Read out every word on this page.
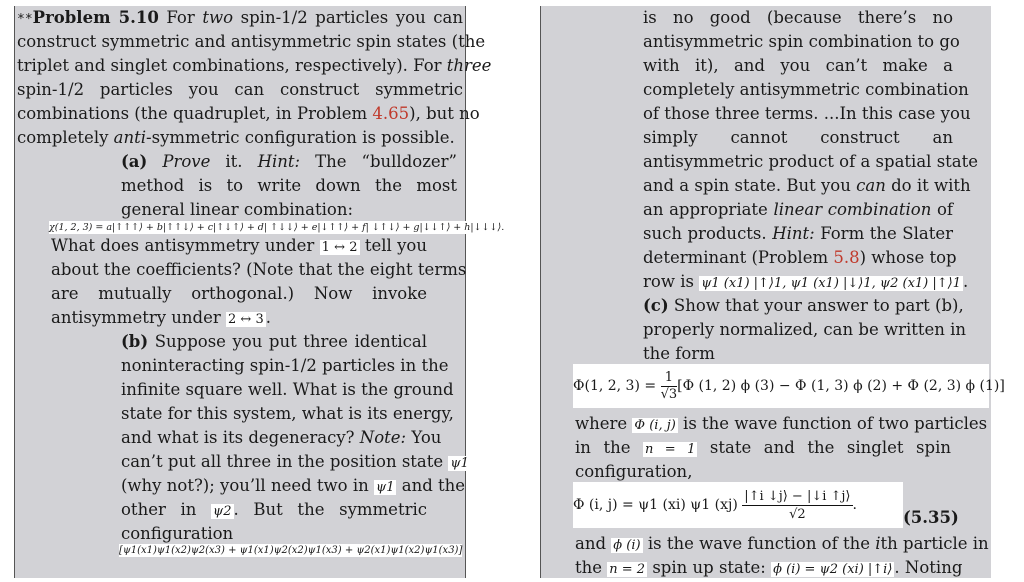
**Problem 5.10 For two spin-1/2 particles you can
construct symmetric and antisymmetric spin states (the
triplet and singlet combinations, respectively). For three
spin-1/2 particles you can construct symmetric
combinations (the quadruplet, in Problem 4.65), but no
completely anti-symmetric configuration is possible.
(a) Prove it. Hint: The “bulldozer”
method is to write down the most
general linear combination:
χ(1, 2, 3) = a|↑↑↑⟩ + b|↑↑↓⟩ + c|↑↓↑⟩ + d| ↑↓↓⟩ + e|↓↑↑⟩ + f| ↓↑↓⟩ + g|↓↓↑⟩ + h|↓↓↓⟩.
What does antisymmetry under 1 ↔ 2 tell you
about the coefficients? (Note that the eight terms
are mutually orthogonal.) Now invoke
antisymmetry under 2 ↔ 3 .
(b) Suppose you put three identical
noninteracting spin-1/2 particles in the
infinite square well. What is the ground
state for this system, what is its energy,
and what is its degeneracy? Note: You
can’t put all three in the position state ψ1
(why not?); you’ll need two in ψ1 and the
other in ψ2 . But the symmetric
configuration
[ψ1(x1)ψ1(x2)ψ2(x3) + ψ1(x1)ψ2(x2)ψ1(x3) + ψ2(x1)ψ1(x2)ψ1(x3)]
is no good (because there’s no
antisymmetric spin combination to go
with it), and you can’t make a
completely antisymmetric combination
of those three terms. ...In this case you
simply cannot construct an
antisymmetric product of a spatial state
and a spin state. But you can do it with
an appropriate linear combination of
such products. Hint: Form the Slater
determinant (Problem 5.8) whose top
row is ψ1 (x1) |↑⟩1, ψ1 (x1) |↓⟩1, ψ2 (x1) |↑⟩1 .
(c) Show that your answer to part (b),
properly normalized, can be written in
the form
Φ(1, 2, $3) = \frac{1}{√3} [\Phi$ (1, 2) ϕ (3) − Φ (1, 3) ϕ (2) + Φ (2, 3) ϕ (1)]
where Φ (i, j) is the wave function of two particles
in the n = 1 state and the singlet spin
configuration,
Φ (i, j) = ψ1 (xi) ψ1 $(xj) \frac{|↑i ↓j⟩ - |↓i ↑j⟩}{√2}$ .
(5.35)
and ϕ (i) is the wave function of the ith particle in
the n = 2 spin up state: ϕ (i) = ψ2 (xi) |↑i⟩ . Noting
